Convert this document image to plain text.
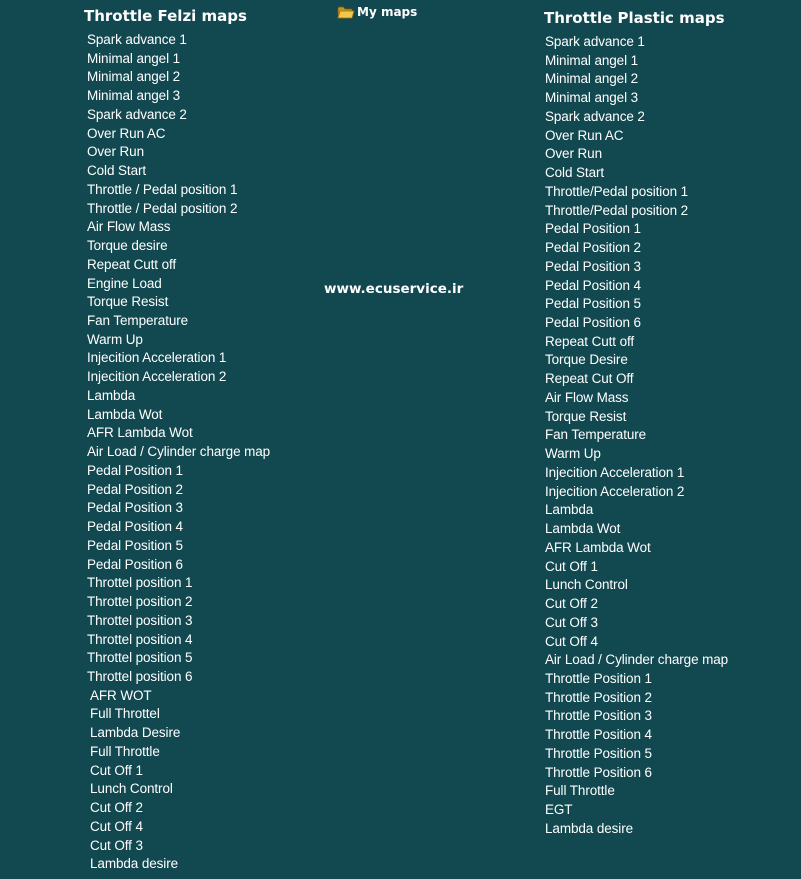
Throttle Felzi maps	My maps	Throttle Plastic maps
www.ecuservice.ir
Spark advance 1
Minimal angel 1
Minimal angel 2
Minimal angel 3
Spark advance 2
Over Run AC
Over Run
Cold Start
Throttle / Pedal position 1
Throttle / Pedal position 2
Air Flow Mass
Torque desire
Repeat Cutt off
Engine Load
Torque Resist
Fan Temperature
Warm Up
Injecition Acceleration 1
Injecition Acceleration 2
Lambda
Lambda Wot
AFR Lambda Wot
Air Load / Cylinder charge map
Pedal Position 1
Pedal Position 2
Pedal Position 3
Pedal Position 4
Pedal Position 5
Pedal Position 6
Throttel position 1
Throttel position 2
Throttel position 3
Throttel position 4
Throttel position 5
Throttel position 6
AFR WOT
Full Throttel
Lambda Desire
Full Throttle
Cut Off 1
Lunch Control
Cut Off 2
Cut Off 4
Cut Off 3
Lambda desire
Spark advance 1
Minimal angel 1
Minimal angel 2
Minimal angel 3
Spark advance 2
Over Run AC
Over Run
Cold Start
Throttle/Pedal position 1
Throttle/Pedal position 2
Pedal Position 1
Pedal Position 2
Pedal Position 3
Pedal Position 4
Pedal Position 5
Pedal Position 6
Repeat Cutt off
Torque Desire
Repeat Cut Off
Air Flow Mass
Torque Resist
Fan Temperature
Warm Up
Injecition Acceleration 1
Injecition Acceleration 2
Lambda
Lambda Wot
AFR Lambda Wot
Cut Off 1
Lunch Control
Cut Off 2
Cut Off 3
Cut Off 4
Air Load / Cylinder charge map
Throttle Position 1
Throttle Position 2
Throttle Position 3
Throttle Position 4
Throttle Position 5
Throttle Position 6
Full Throttle
EGT
Lambda desire
